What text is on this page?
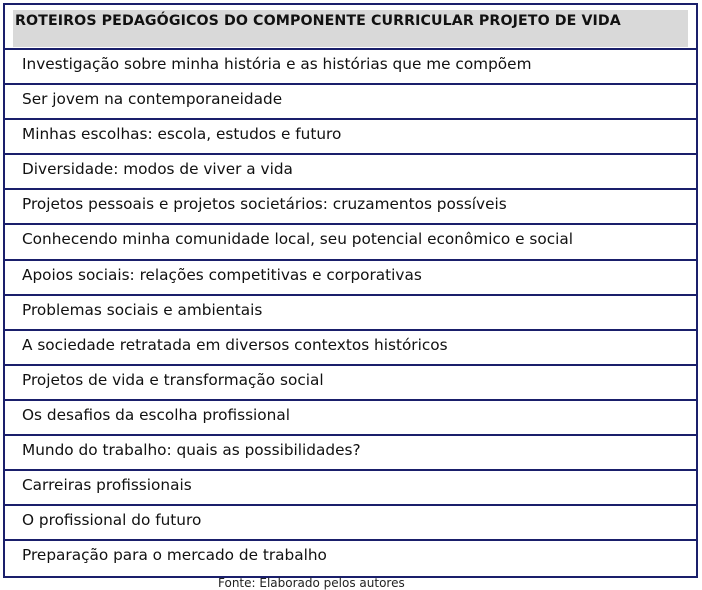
ROTEIROS PEDAGÓGICOS DO COMPONENTE CURRICULAR PROJETO DE VIDA
Investigação sobre minha história e as histórias que me compõem
Ser jovem na contemporaneidade
Minhas escolhas: escola, estudos e futuro
Diversidade: modos de viver a vida
Projetos pessoais e projetos societários: cruzamentos possíveis
Conhecendo minha comunidade local, seu potencial econômico e social
Apoios sociais: relações competitivas e corporativas
Problemas sociais e ambientais
A sociedade retratada em diversos contextos históricos
Projetos de vida e transformação social
Os desafios da escolha profissional
Mundo do trabalho: quais as possibilidades?
Carreiras profissionais
O profissional do futuro
Preparação para o mercado de trabalho
Fonte: Elaborado pelos autores
